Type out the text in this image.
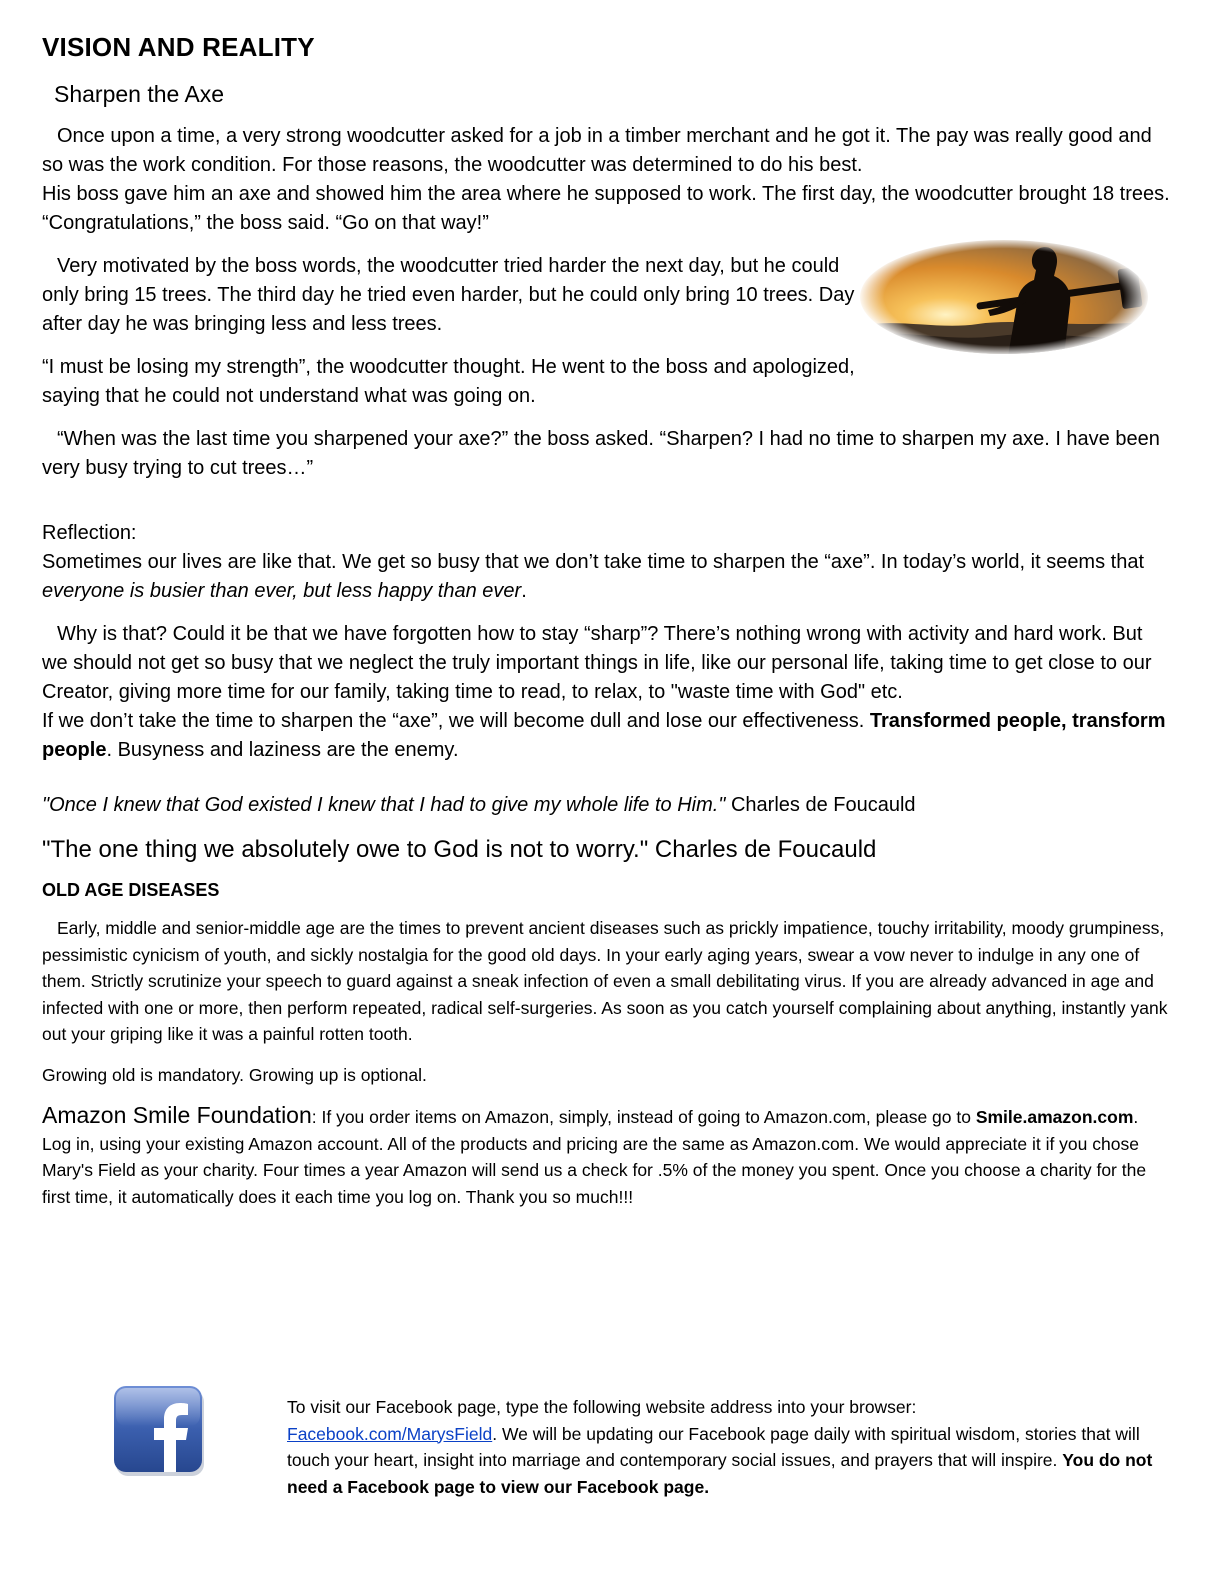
VISION AND REALITY
Sharpen the Axe

Once upon a time, a very strong woodcutter asked for a job in a timber merchant and he got it. The pay was really good and so was the work condition. For those reasons, the woodcutter was determined to do his best.
His boss gave him an axe and showed him the area where he supposed to work. The first day, the woodcutter brought 18 trees. “Congratulations,” the boss said. “Go on that way!”

Very motivated by the boss words, the woodcutter tried harder the next day, but he could only bring 15 trees. The third day he tried even harder, but he could only bring 10 trees. Day after day he was bringing less and less trees.

“I must be losing my strength”, the woodcutter thought. He went to the boss and apologized, saying that he could not understand what was going on.

“When was the last time you sharpened your axe?” the boss asked. “Sharpen? I had no time to sharpen my axe. I have been very busy trying to cut trees…”

Reflection:
Sometimes our lives are like that. We get so busy that we don’t take time to sharpen the “axe”. In today’s world, it seems that everyone is busier than ever, but less happy than ever.

Why is that? Could it be that we have forgotten how to stay “sharp”? There’s nothing wrong with activity and hard work. But we should not get so busy that we neglect the truly important things in life, like our personal life, taking time to get close to our Creator, giving more time for our family, taking time to read, to relax, to "waste time with God" etc.

If we don’t take the time to sharpen the “axe”, we will become dull and lose our effectiveness. Transformed people, transform people. Busyness and laziness are the enemy.

"Once I knew that God existed I knew that I had to give my whole life to Him." Charles de Foucauld

"The one thing we absolutely owe to God is not to worry." Charles de Foucauld

OLD AGE DISEASES

Early, middle and senior-middle age are the times to prevent ancient diseases such as prickly impatience, touchy irritability, moody grumpiness, pessimistic cynicism of youth, and sickly nostalgia for the good old days. In your early aging years, swear a vow never to indulge in any one of them. Strictly scrutinize your speech to guard against a sneak infection of even a small debilitating virus. If you are already advanced in age and infected with one or more, then perform repeated, radical self-surgeries. As soon as you catch yourself complaining about anything, instantly yank out your griping like it was a painful rotten tooth.

Growing old is mandatory. Growing up is optional.

Amazon Smile Foundation: If you order items on Amazon, simply, instead of going to Amazon.com, please go to Smile.amazon.com. Log in, using your existing Amazon account. All of the products and pricing are the same as Amazon.com. We would appreciate it if you chose Mary's Field as your charity. Four times a year Amazon will send us a check for .5% of the money you spent. Once you choose a charity for the first time, it automatically does it each time you log on. Thank you so much!!!

To visit our Facebook page, type the following website address into your browser:
Facebook.com/MarysField. We will be updating our Facebook page daily with spiritual wisdom, stories that will touch your heart, insight into marriage and contemporary social issues, and prayers that will inspire. You do not need a Facebook page to view our Facebook page.
